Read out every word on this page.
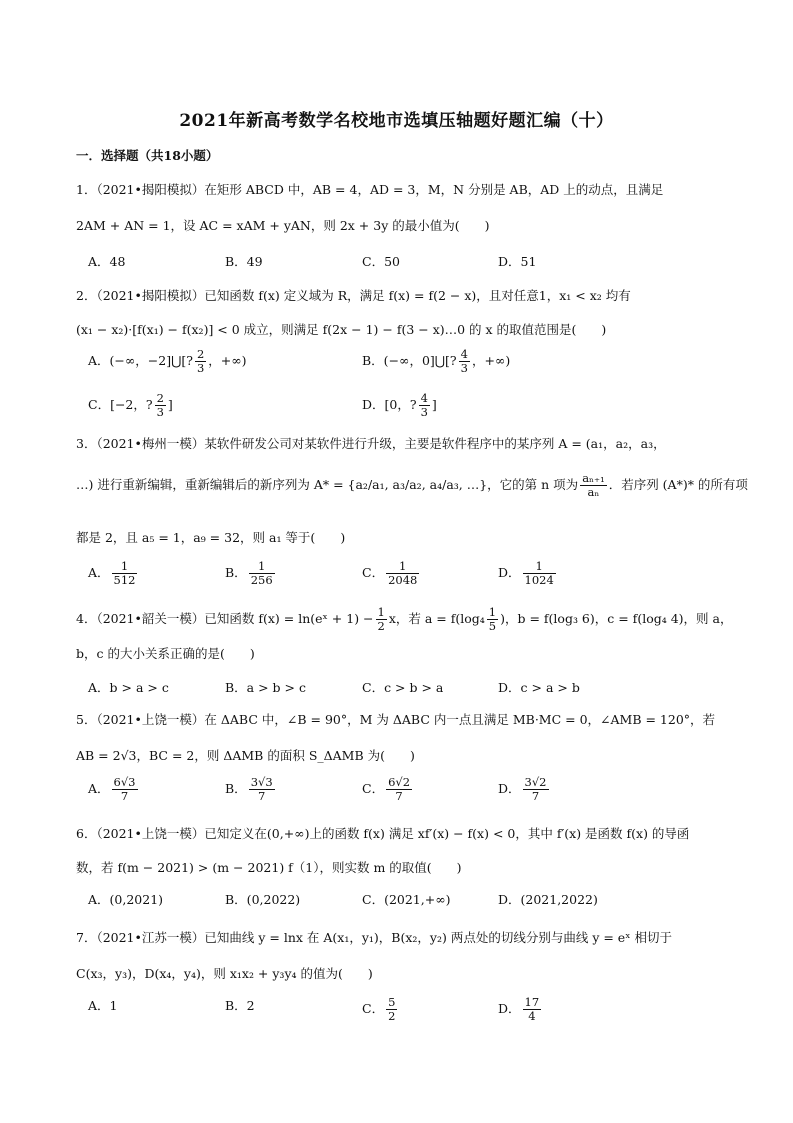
2021年新高考数学名校地市选填压轴题好题汇编（十）
一．选择题（共18小题）
1．（2021•揭阳模拟）在矩形 ABCD 中，AB = 4，AD = 3，M，N 分别是 AB，AD 上的动点，且满足
2AM + AN = 1，设 AC = xAM + yAN，则 2x + 3y 的最小值为(　　)
A．48	B．49	C．50	D．51
2．（2021•揭阳模拟）已知函数 f(x) 定义域为 R，满足 f(x) = f(2 − x)，且对任意1，x₁ < x₂ 均有
(x₁ − x₂)·[f(x₁) − f(x₂)] < 0 成立，则满足 f(2x − 1) − f(3 − x)…0 的 x 的取值范围是(　　)
A．(−∞，−2]⋃[? $\frac{2}{3}$ ，+∞)	B．(−∞，0]⋃[? $\frac{4}{3}$ ，+∞)
C．[−2，? $\frac{2}{3}$ ]	D．[0，? $\frac{4}{3}$ ]
3．（2021•梅州一模）某软件研发公司对某软件进行升级，主要是软件程序中的某序列 A = (a₁，a₂，a₃，
…) 进行重新编辑，重新编辑后的新序列为 A* = {a₂/a₁, a₃/a₂, a₄/a₃, …}，它的第 n 项为 $\frac{\text{aₙ₊₁}}{\text{aₙ}}$ ．若序列 (A*)* 的所有项
都是 2，且 a₅ = 1，a₉ = 32，则 a₁ 等于(　　)
A． $\frac{1}{512}$	B． $\frac{1}{256}$	C． $\frac{1}{2048}$	D． $\frac{1}{1024}$
4．（2021•韶关一模）已知函数 f(x) = ln(eˣ + $1) - \frac{1}{2}$ x，若 $a = f(\log_4 \frac{1}{5}$ )，b = f(log₃ 6)，c = f(log₄ 4)，则 a，
b，c 的大小关系正确的是(　　)
A．b > a > c	B．a > b > c	C．c > b > a	D．c > a > b
5．（2021•上饶一模）在 ΔABC 中，∠B = 90°，M 为 ΔABC 内一点且满足 MB·MC = 0，∠AMB = 120°，若
AB = 2√3，BC = 2，则 ΔAMB 的面积 S_ΔAMB 为(　　)
A． $\frac{6√3}{7}$	B． $\frac{3√3}{7}$	C． $\frac{6√2}{7}$	D． $\frac{3√2}{7}$
6．（2021•上饶一模）已知定义在(0,+∞)上的函数 f(x) 满足 xf′(x) − f(x) < 0，其中 f′(x) 是函数 f(x) 的导函
数，若 f(m − 2021) > (m − 2021) f（1），则实数 m 的取值(　　)
A．(0,2021)	B．(0,2022)	C．(2021,+∞)	D．(2021,2022)
7．（2021•江苏一模）已知曲线 y = lnx 在 A(x₁，y₁)，B(x₂，y₂) 两点处的切线分别与曲线 y = eˣ 相切于
C(x₃，y₃)，D(x₄，y₄)，则 x₁x₂ + y₃y₄ 的值为(　　)
A．1	B．2	C． $\frac{5}{2}$	D． $\frac{17}{4}$
